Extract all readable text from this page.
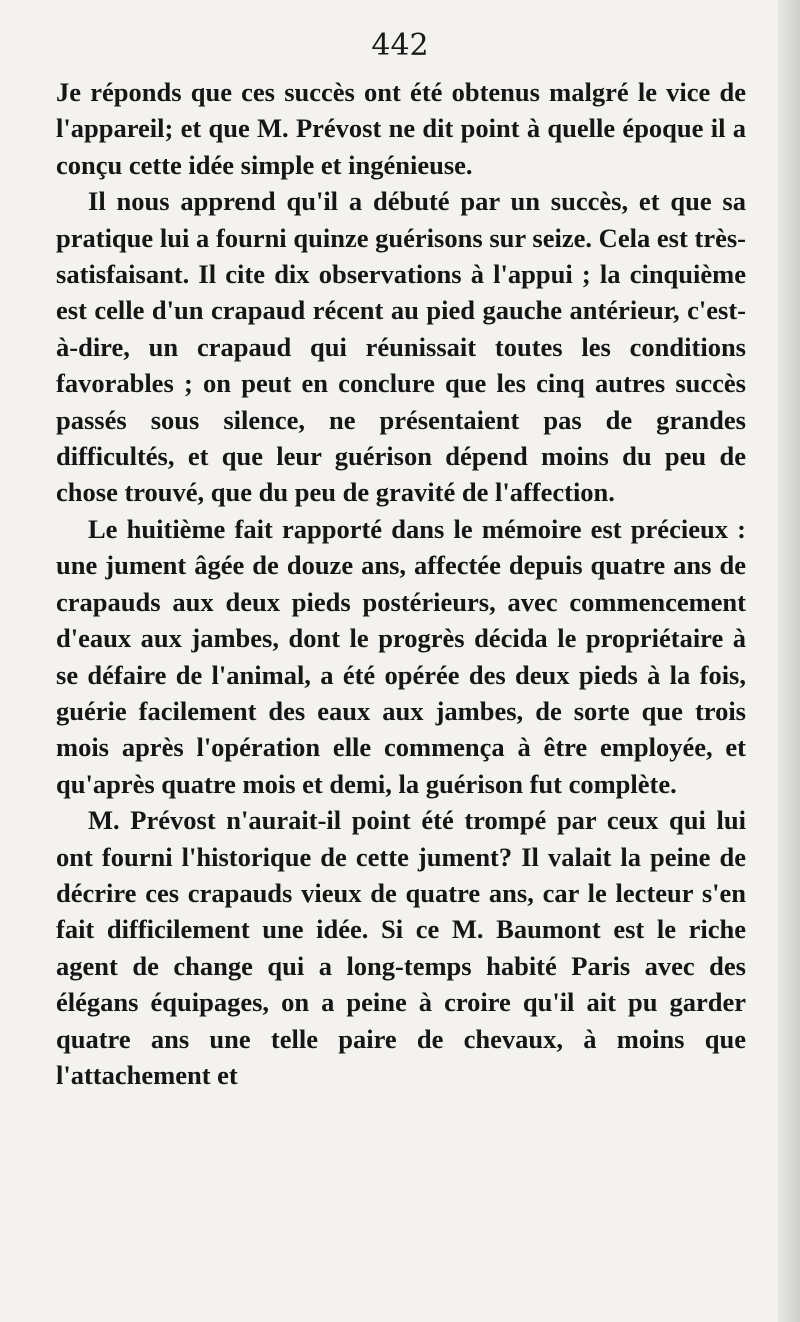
442

Je réponds que ces succès ont été obtenus malgré le vice de l'appareil; et que M. Prévost ne dit point à quelle époque il a conçu cette idée simple et ingénieuse.

Il nous apprend qu'il a débuté par un succès, et que sa pratique lui a fourni quinze guérisons sur seize. Cela est très-satisfaisant. Il cite dix observations à l'appui ; la cinquième est celle d'un crapaud récent au pied gauche antérieur, c'est-à-dire, un crapaud qui réunissait toutes les conditions favorables ; on peut en conclure que les cinq autres succès passés sous silence, ne présentaient pas de grandes difficultés, et que leur guérison dépend moins du peu de chose trouvé, que du peu de gravité de l'affection.

Le huitième fait rapporté dans le mémoire est précieux : une jument âgée de douze ans, affectée depuis quatre ans de crapauds aux deux pieds postérieurs, avec commencement d'eaux aux jambes, dont le progrès décida le propriétaire à se défaire de l'animal, a été opérée des deux pieds à la fois, guérie facilement des eaux aux jambes, de sorte que trois mois après l'opération elle commença à être employée, et qu'après quatre mois et demi, la guérison fut complète.

M. Prévost n'aurait-il point été trompé par ceux qui lui ont fourni l'historique de cette jument? Il valait la peine de décrire ces crapauds vieux de quatre ans, car le lecteur s'en fait difficilement une idée. Si ce M. Baumont est le riche agent de change qui a long-temps habité Paris avec des élégans équipages, on a peine à croire qu'il ait pu garder quatre ans une telle paire de chevaux, à moins que l'attachement et
